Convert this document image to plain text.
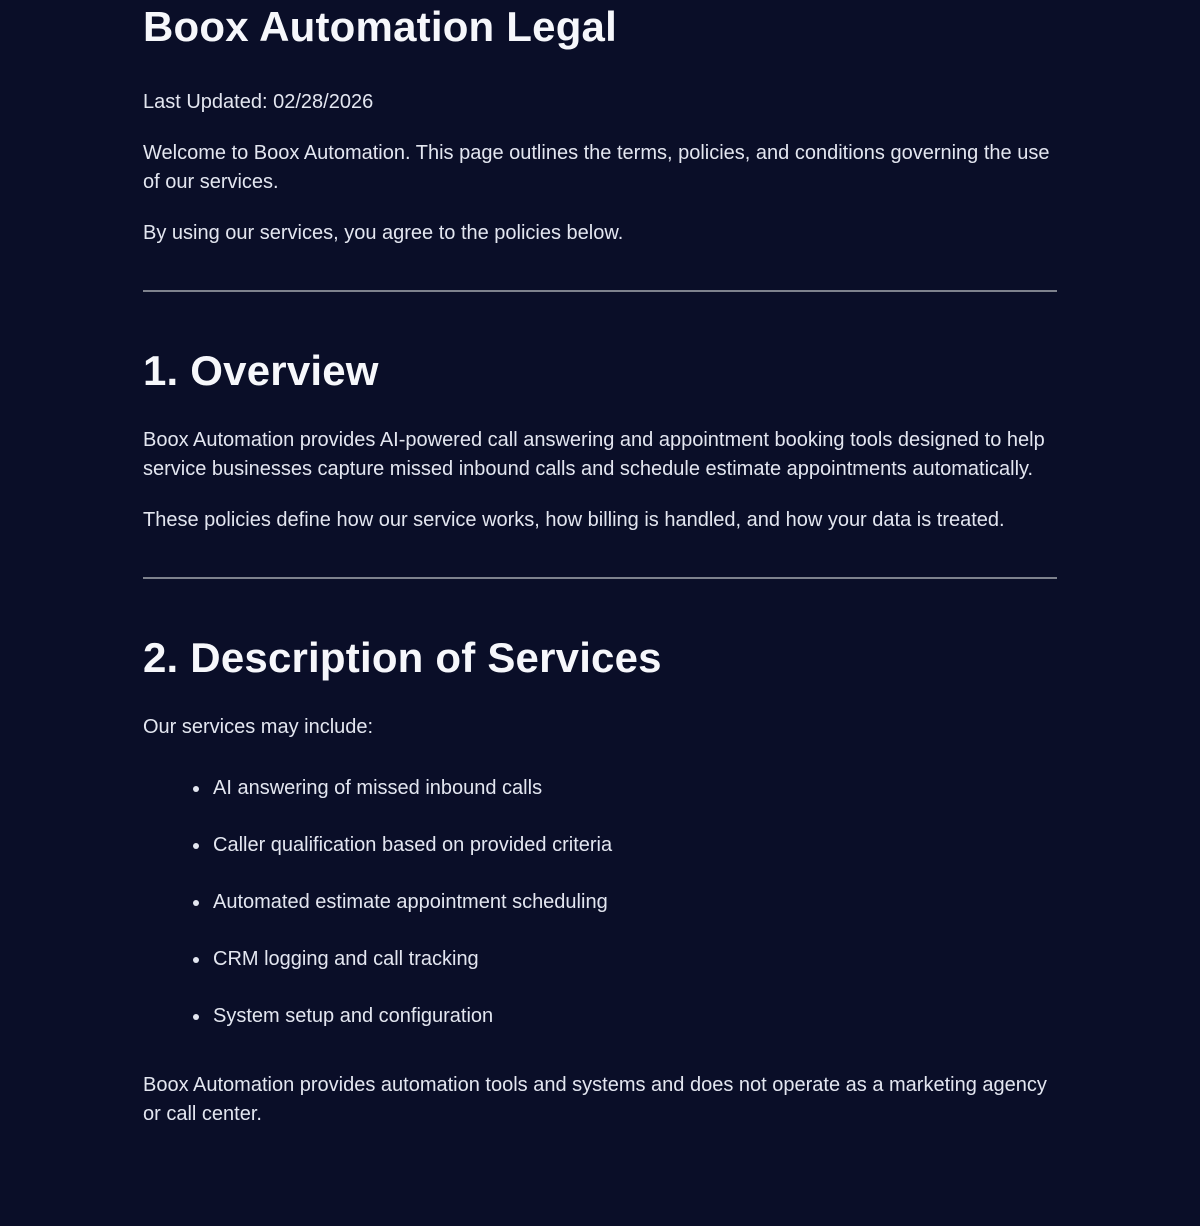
Boox Automation Legal

Last Updated: 02/28/2026

Welcome to Boox Automation. This page outlines the terms, policies, and conditions governing the use of our services.

By using our services, you agree to the policies below.

1. Overview

Boox Automation provides AI-powered call answering and appointment booking tools designed to help service businesses capture missed inbound calls and schedule estimate appointments automatically.

These policies define how our service works, how billing is handled, and how your data is treated.

2. Description of Services

Our services may include:

• AI answering of missed inbound calls
• Caller qualification based on provided criteria
• Automated estimate appointment scheduling
• CRM logging and call tracking
• System setup and configuration

Boox Automation provides automation tools and systems and does not operate as a marketing agency or call center.
